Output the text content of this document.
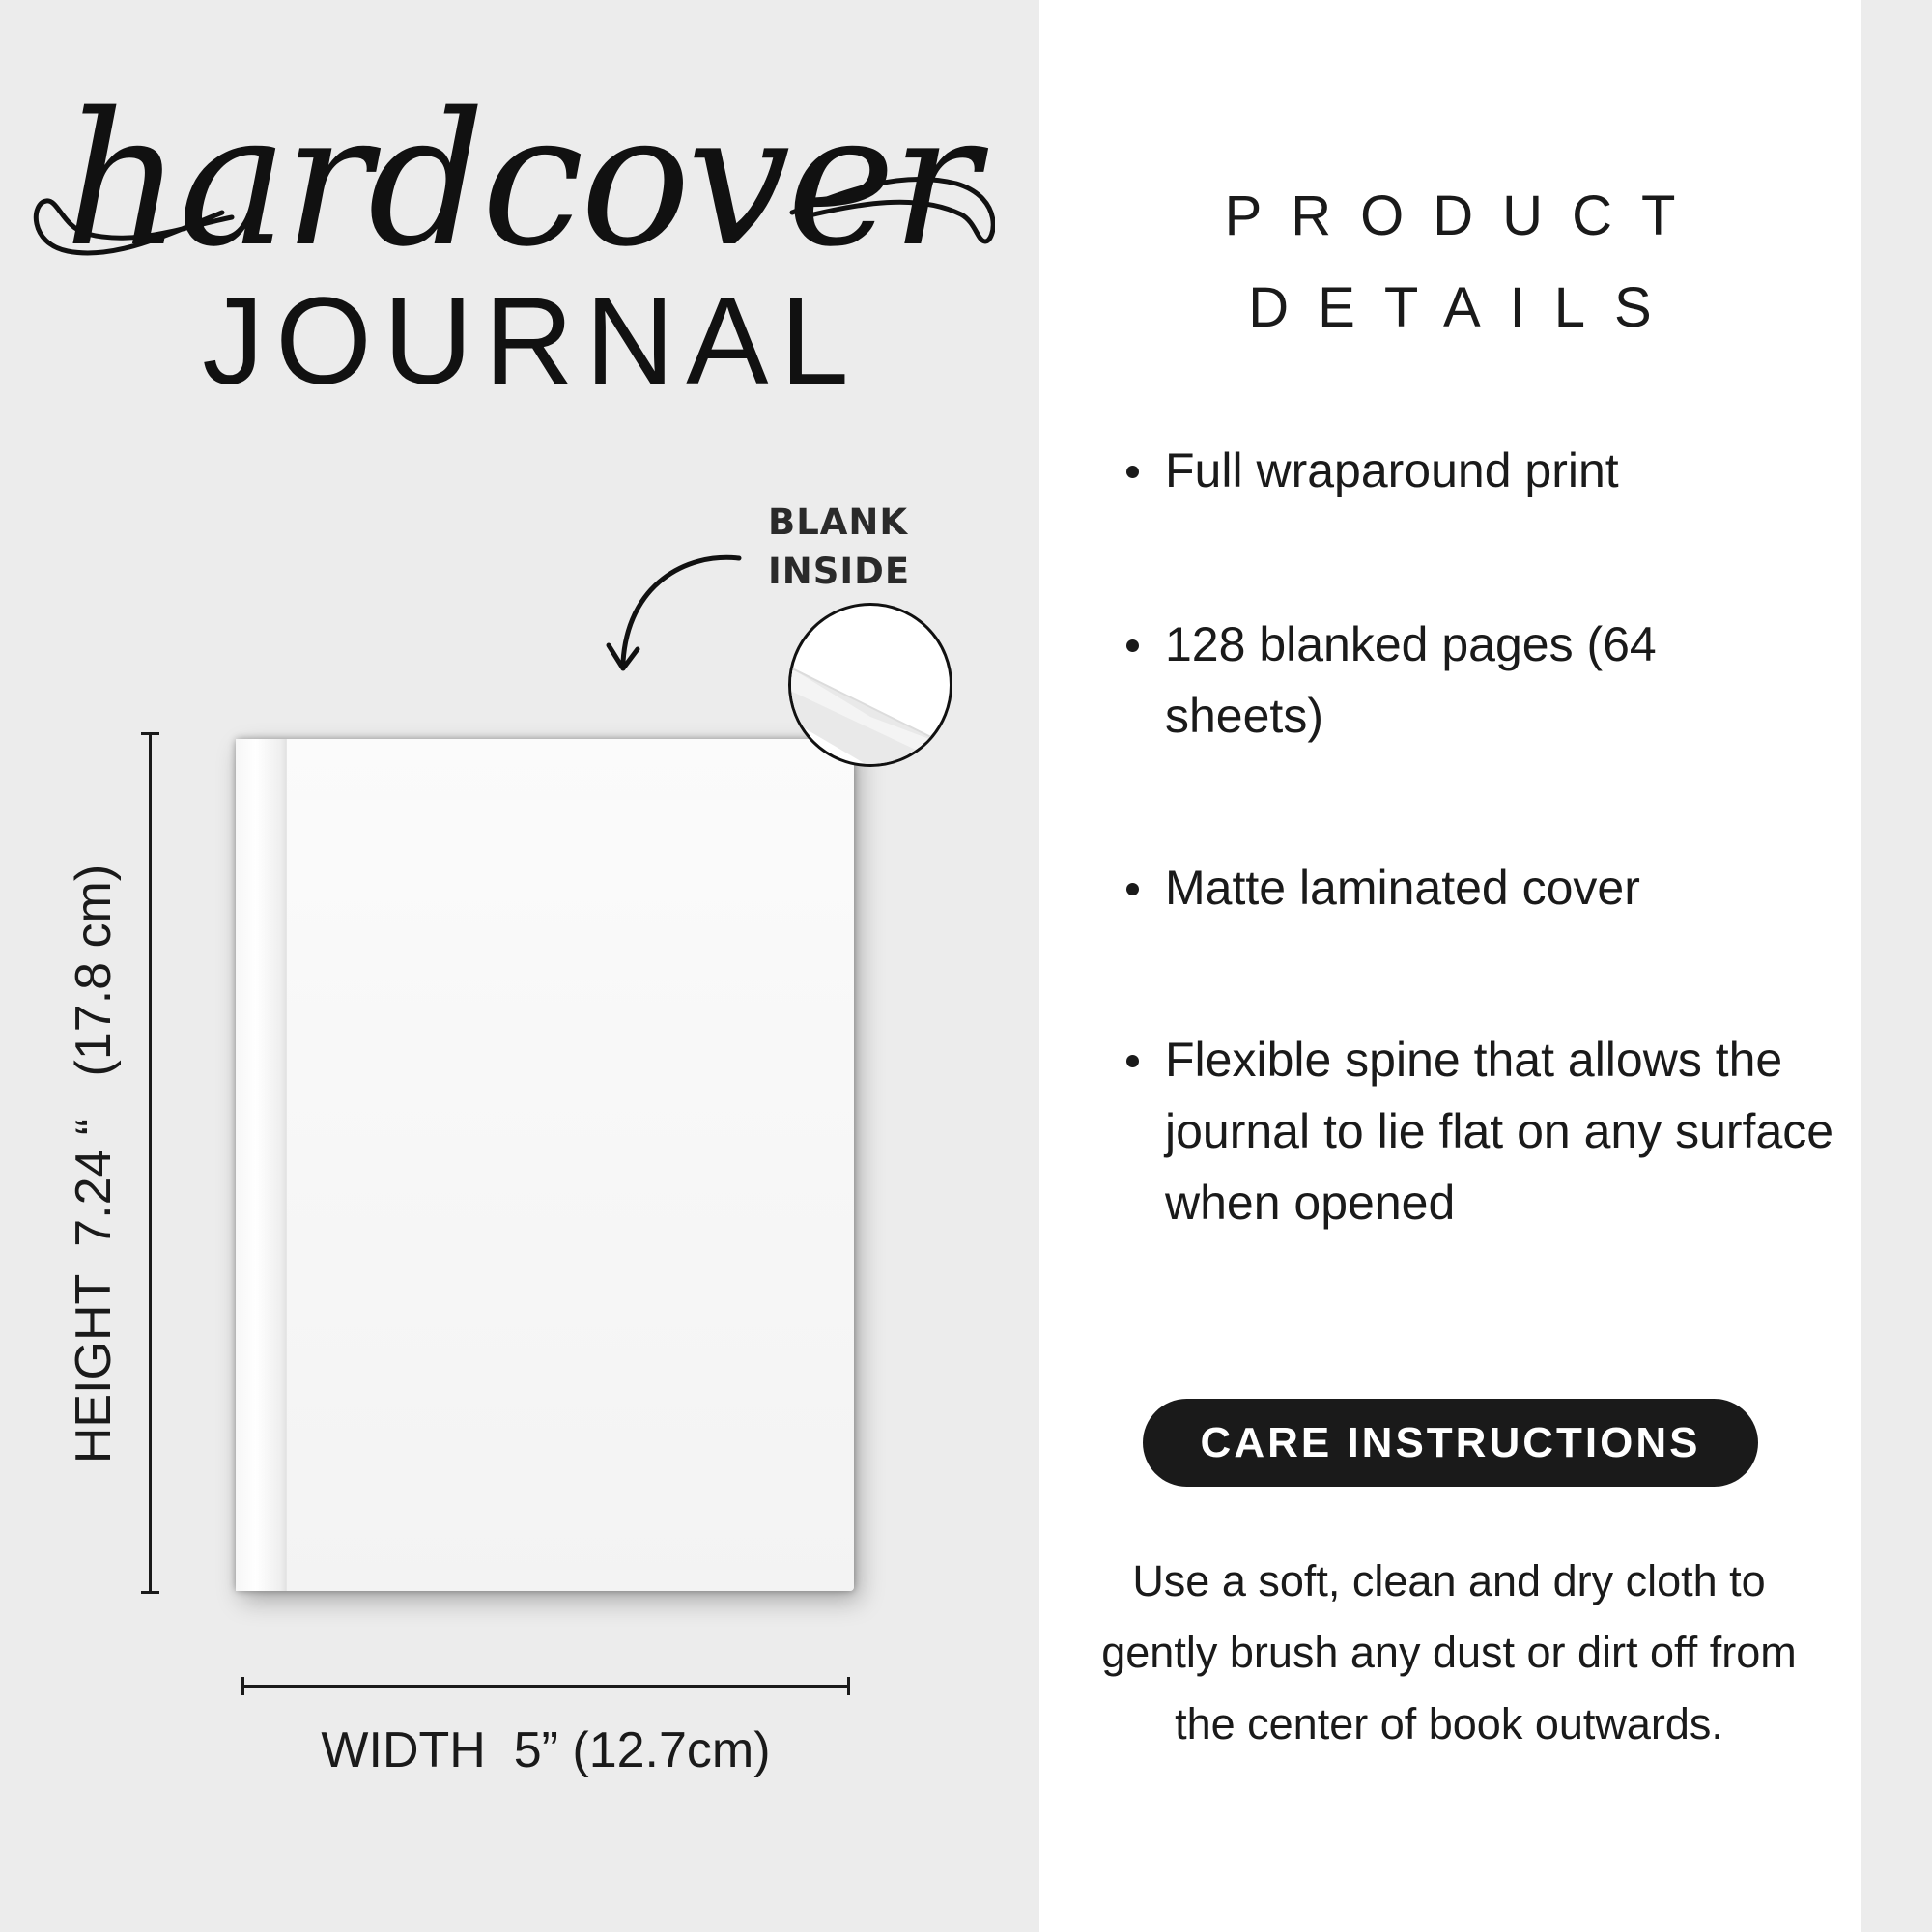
hardcover
JOURNAL
BLANK
INSIDE
HEIGHT  7.24 “   (17.8 cm)
WIDTH  5” (12.7cm)
PRODUCT
DETAILS
Full wraparound print
128 blanked pages (64 sheets)
Matte laminated cover
Flexible spine that allows the journal to lie flat on any surface when opened
CARE INSTRUCTIONS
Use a soft, clean and dry cloth to gently brush any dust or dirt off from the center of book outwards.
